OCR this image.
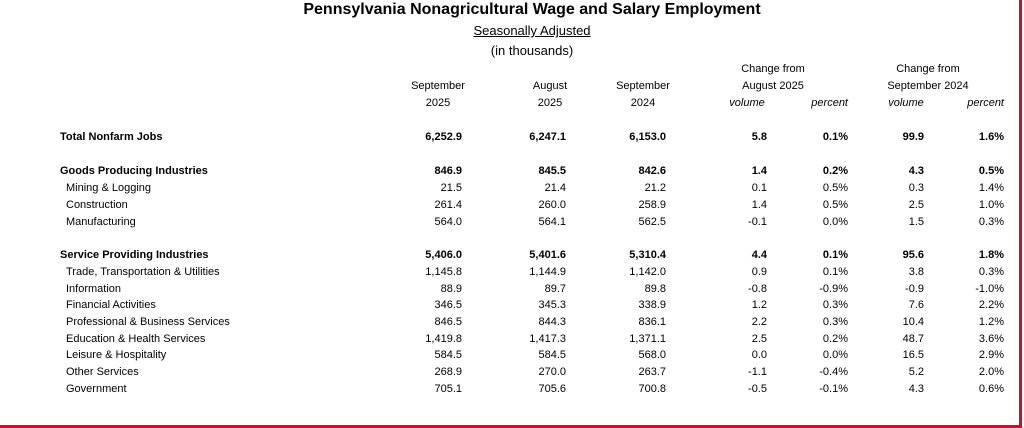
Pennsylvania Nonagricultural Wage and Salary Employment
Seasonally Adjusted
(in thousands)
September
2025
August
2025
September
2024
Change from
August 2025
volume	percent
Change from
September 2024
volume	percent
Total Nonfarm Jobs	6,252.9	6,247.1	6,153.0	5.8	0.1%	99.9	1.6%
Goods Producing Industries	846.9	845.5	842.6	1.4	0.2%	4.3	0.5%
Mining & Logging	21.5	21.4	21.2	0.1	0.5%	0.3	1.4%
Construction	261.4	260.0	258.9	1.4	0.5%	2.5	1.0%
Manufacturing	564.0	564.1	562.5	-0.1	0.0%	1.5	0.3%
Service Providing Industries	5,406.0	5,401.6	5,310.4	4.4	0.1%	95.6	1.8%
Trade, Transportation & Utilities	1,145.8	1,144.9	1,142.0	0.9	0.1%	3.8	0.3%
Information	88.9	89.7	89.8	-0.8	-0.9%	-0.9	-1.0%
Financial Activities	346.5	345.3	338.9	1.2	0.3%	7.6	2.2%
Professional & Business Services	846.5	844.3	836.1	2.2	0.3%	10.4	1.2%
Education & Health Services	1,419.8	1,417.3	1,371.1	2.5	0.2%	48.7	3.6%
Leisure & Hospitality	584.5	584.5	568.0	0.0	0.0%	16.5	2.9%
Other Services	268.9	270.0	263.7	-1.1	-0.4%	5.2	2.0%
Government	705.1	705.6	700.8	-0.5	-0.1%	4.3	0.6%
